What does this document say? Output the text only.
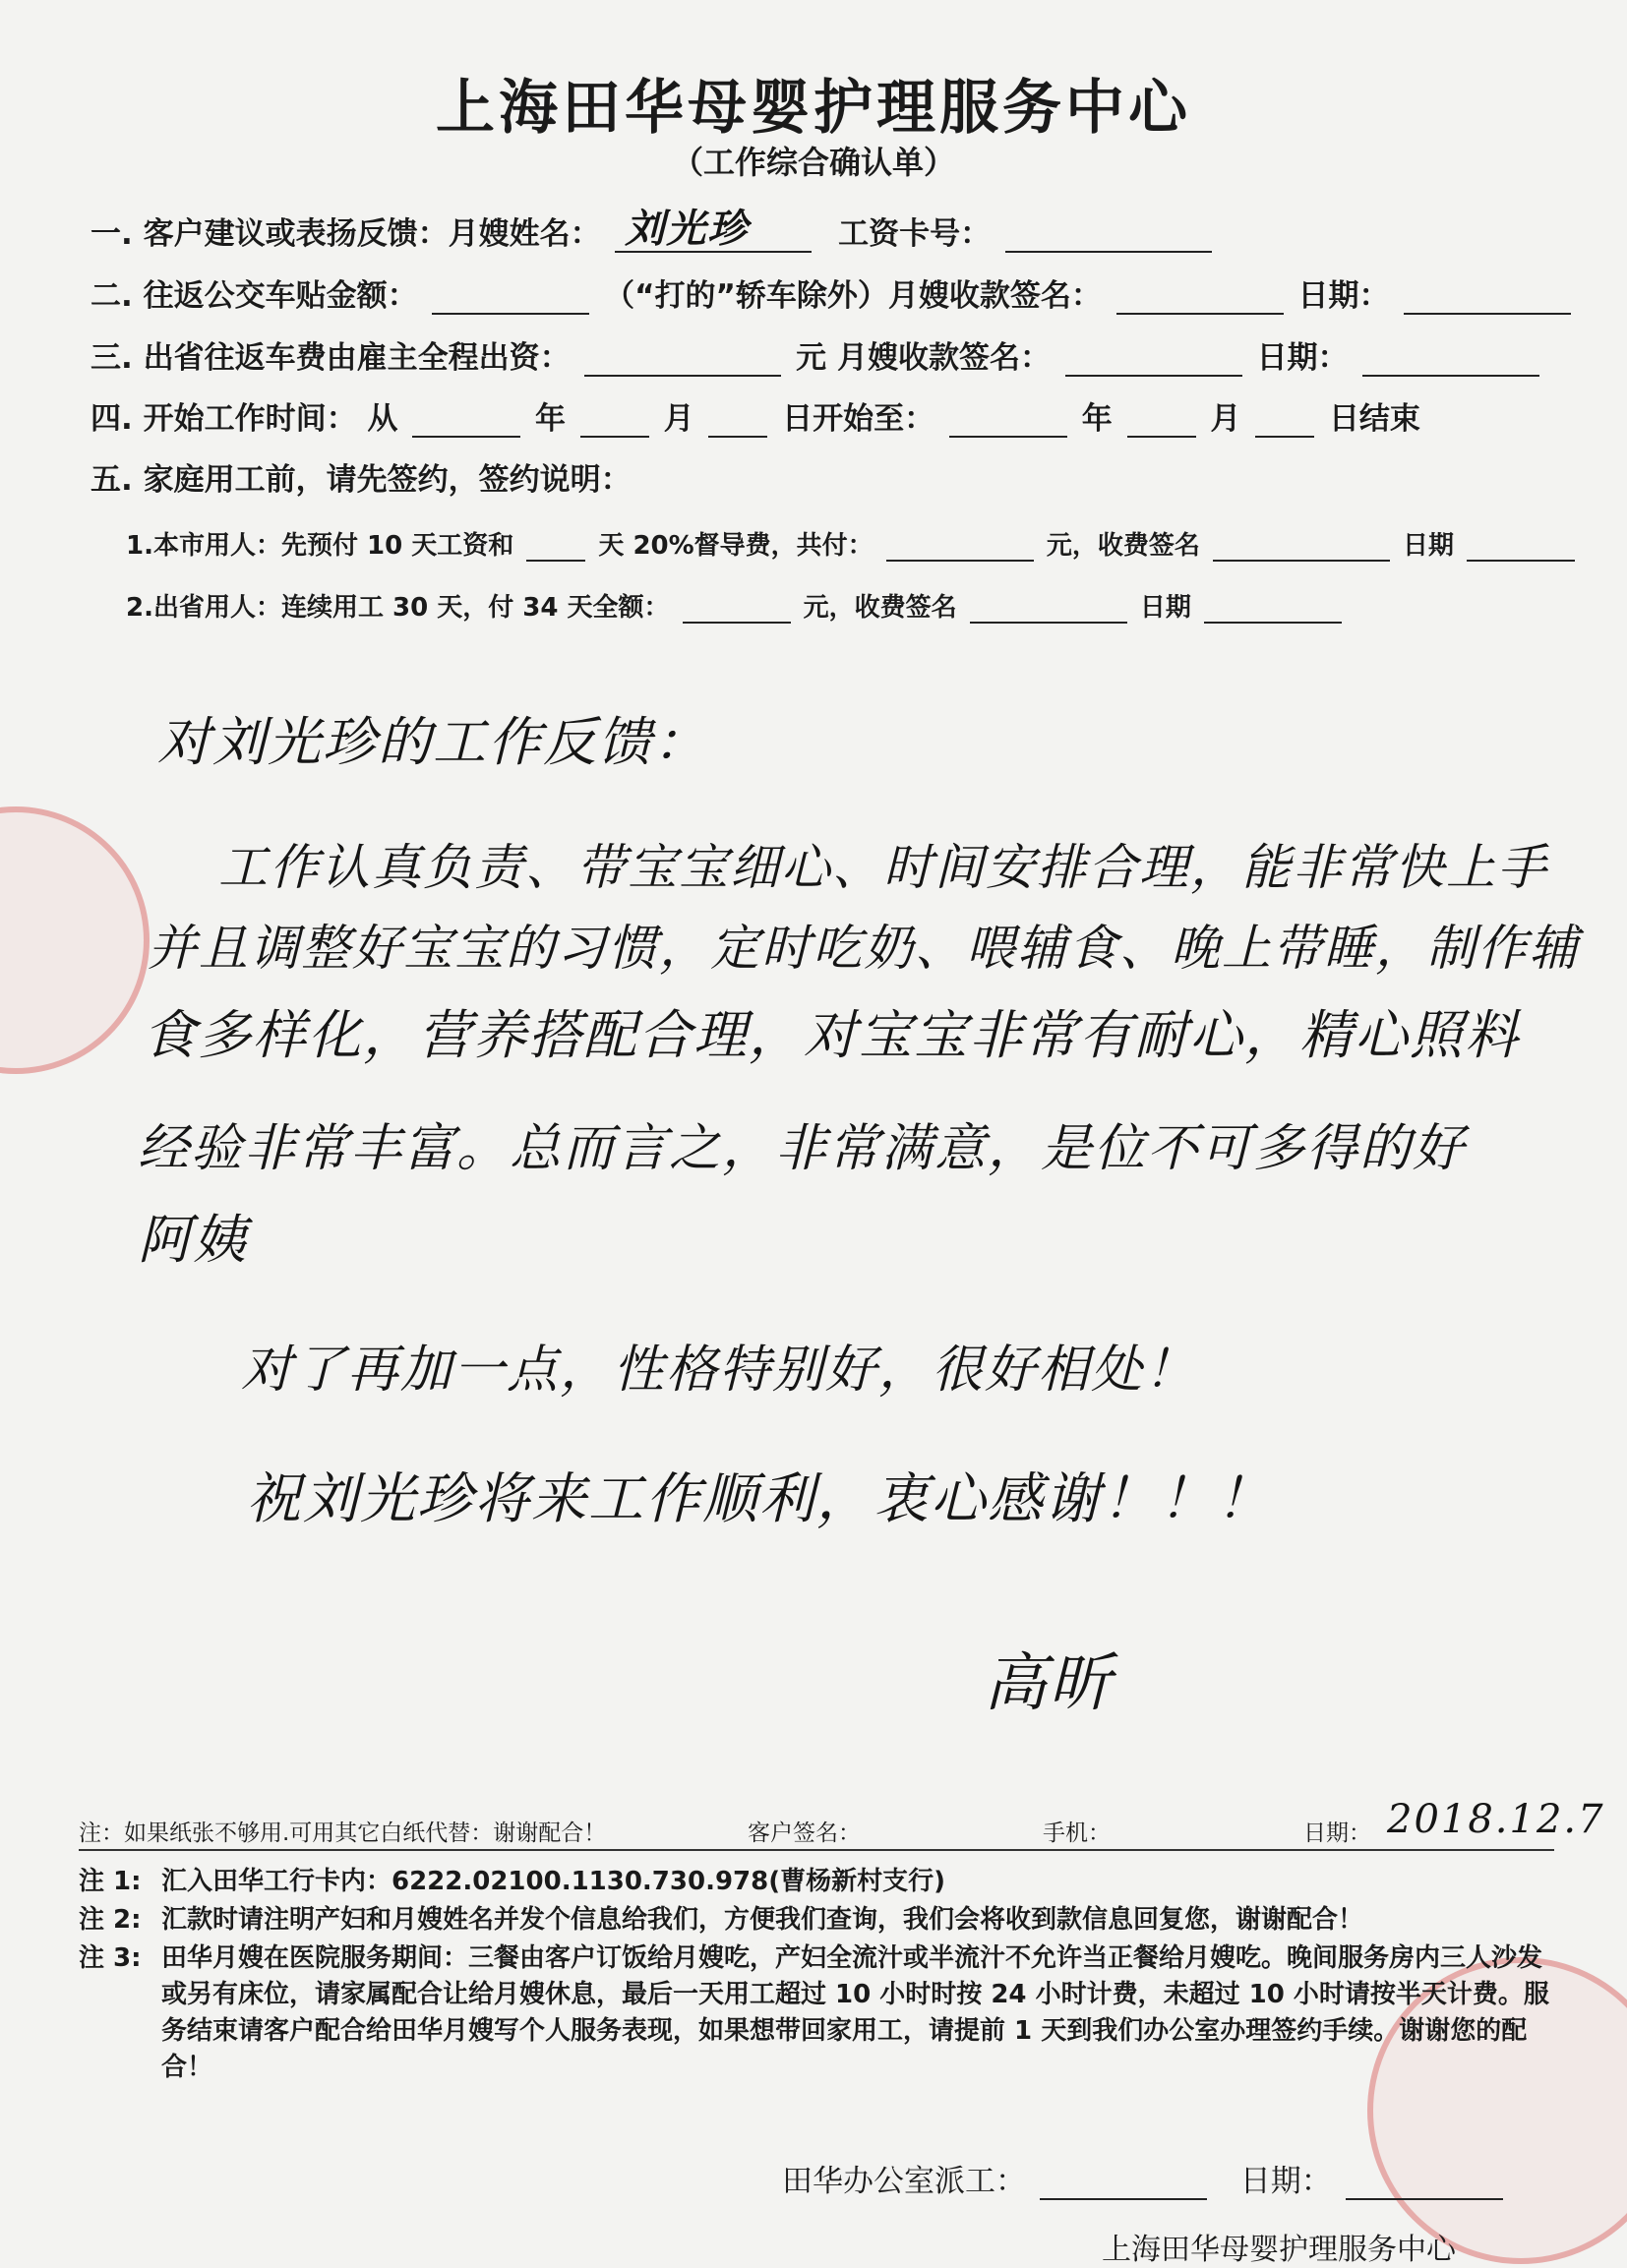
上海田华母婴护理服务中心
（工作综合确认单）
一. 客户建议或表扬反馈：月嫂姓名： 刘光珍	工资卡号：
二. 往返公交车贴金额：	（“打的”轿车除外）月嫂收款签名：	日期：
三. 出省往返车费由雇主全程出资：	元 月嫂收款签名：	日期：
四. 开始工作时间： 从	年	月	日开始至：	年	月	日结束
五. 家庭用工前，请先签约，签约说明：
1.本市用人：先预付 10 天工资和	天 20%督导费，共付：	元，收费签名	日期
2.出省用人：连续用工 30 天，付 34 天全额：	元，收费签名	日期
对刘光珍的工作反馈：
工作认真负责、带宝宝细心、时间安排合理，能非常快上手
并且调整好宝宝的习惯，定时吃奶、喂辅食、晚上带睡，制作辅
食多样化，营养搭配合理，对宝宝非常有耐心，精心照料
经验非常丰富。总而言之，非常满意，是位不可多得的好
阿姨
对了再加一点，性格特别好，很好相处！
祝刘光珍将来工作顺利，衷心感谢！！！
高昕
注：如果纸张不够用.可用其它白纸代替：谢谢配合！	客户签名：	手机：	日期： 2018.12.7
注 1: 汇入田华工行卡内：6222.02100.1130.730.978(曹杨新村支行)
注 2: 汇款时请注明产妇和月嫂姓名并发个信息给我们，方便我们查询，我们会将收到款信息回复您，谢谢配合！
注 3: 田华月嫂在医院服务期间：三餐由客户订饭给月嫂吃，产妇全流汁或半流汁不允许当正餐给月嫂吃。晚间服务房内三人沙发或另有床位，请家属配合让给月嫂休息，最后一天用工超过 10 小时时按 24 小时计费，未超过 10 小时请按半天计费。服务结束请客户配合给田华月嫂写个人服务表现，如果想带回家用工，请提前 1 天到我们办公室办理签约手续。谢谢您的配合！
田华办公室派工：	日期：
上海田华母婴护理服务中心
